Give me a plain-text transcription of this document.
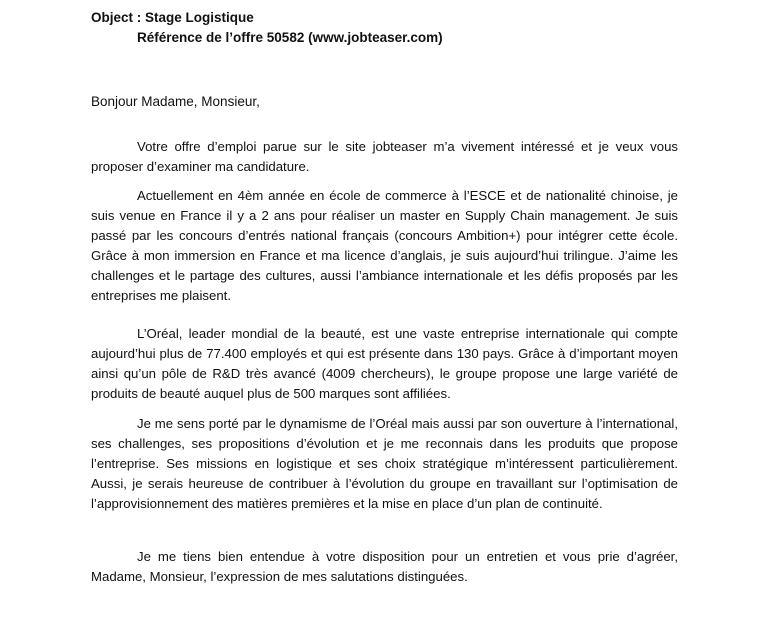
Object : Stage Logistique
Référence de l’offre 50582 (www.jobteaser.com)
Bonjour Madame, Monsieur,

Votre offre d’emploi parue sur le site jobteaser m’a vivement intéressé et je veux vous proposer d’examiner ma candidature.

Actuellement en 4èm année en école de commerce à l’ESCE et de nationalité chinoise, je suis venue en France il y a 2 ans pour réaliser un master en Supply Chain management. Je suis passé par les concours d’entrés national français (concours Ambition+) pour intégrer cette école. Grâce à mon immersion en France et ma licence d’anglais, je suis aujourd’hui trilingue. J’aime les challenges et le partage des cultures, aussi l’ambiance internationale et les défis proposés par les entreprises me plaisent.

L’Oréal, leader mondial de la beauté, est une vaste entreprise internationale qui compte aujourd’hui plus de 77.400 employés et qui est présente dans 130 pays. Grâce à d’important moyen ainsi qu’un pôle de R&D très avancé (4009 chercheurs), le groupe propose une large variété de produits de beauté auquel plus de 500 marques sont affiliées.

Je me sens porté par le dynamisme de l’Oréal mais aussi par son ouverture à l’international, ses challenges, ses propositions d’évolution et je me reconnais dans les produits que propose l’entreprise. Ses missions en logistique et ses choix stratégique m’intéressent particulièrement. Aussi, je serais heureuse de contribuer à l’évolution du groupe en travaillant sur l’optimisation de l’approvisionnement des matières premières et la mise en place d’un plan de continuité.

Je me tiens bien entendue à votre disposition pour un entretien et vous prie d’agréer, Madame, Monsieur, l’expression de mes salutations distinguées.
